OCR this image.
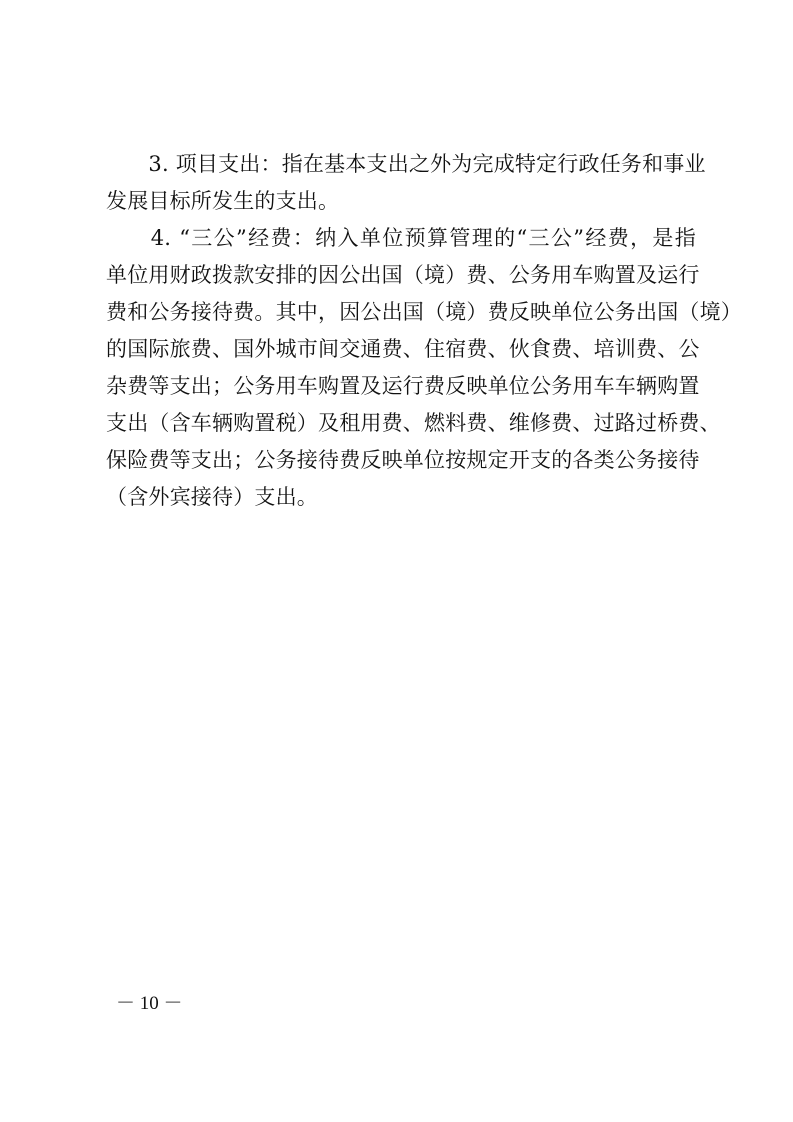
　　3. 项目支出：指在基本支出之外为完成特定行政任务和事业
发展目标所发生的支出。
　　4. “三公”经费：纳入单位预算管理的“三公”经费，是指
单位用财政拨款安排的因公出国（境）费、公务用车购置及运行
费和公务接待费。其中，因公出国（境）费反映单位公务出国（境）
的国际旅费、国外城市间交通费、住宿费、伙食费、培训费、公
杂费等支出；公务用车购置及运行费反映单位公务用车车辆购置
支出（含车辆购置税）及租用费、燃料费、维修费、过路过桥费、
保险费等支出；公务接待费反映单位按规定开支的各类公务接待
（含外宾接待）支出。
－ 10 －
